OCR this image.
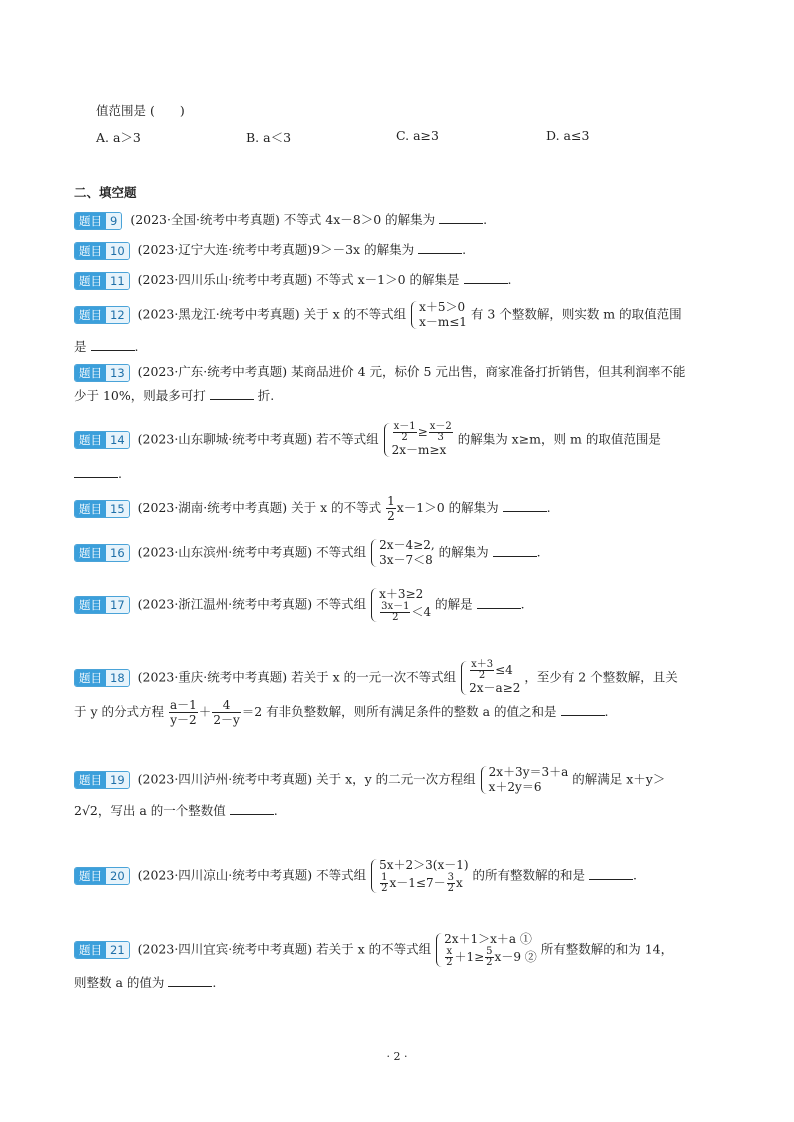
值范围是 (　　)
A. a＞3	B. a＜3	C. a≥3	D. a≤3
二、填空题
题目 9 (2023·全国·统考中考真题) 不等式 4x－8＞0 的解集为	.
题目 10 (2023·辽宁大连·统考中考真题)9＞－3x 的解集为	.
题目 11 (2023·四川乐山·统考中考真题) 不等式 x－1＞0 的解集是	.
题目 12 (2023·黑龙江·统考中考真题) 关于 x 的不等式组 x＋5＞0
x－m≤1
有 3 个整数解，则实数 m 的取值范围
是	.
题目 13 (2023·广东·统考中考真题) 某商品进价 4 元，标价 5 元出售，商家准备打折销售，但其利润率不能
少于 10%，则最多可打	折.
题目 14 (2023·山东聊城·统考中考真题) 若不等式组 $\frac{x-1}{2} \ge \frac{x-2}{3}$
2x－m≥x
的解集为 x≥m，则 m 的取值范围是
.
题目 15 (2023·湖南·统考中考真题) 关于 x 的不等式 $\frac{1}{2} x-1>0$ 的解集为	.
题目 16 (2023·山东滨州·统考中考真题) 不等式组 2x－4≥2,
3x－7＜8
的解集为	.
题目 17 (2023·浙江温州·统考中考真题) 不等式组
x＋3≥2
$\frac{3x-1}{2} <4$
的解是	.
题目 18 (2023·重庆·统考中考真题) 若关于 x 的一元一次不等式组 $\frac{x+3}{2} \le 4$
2x－a≥2
，至少有 2 个整数解，且关
于 y 的分式方程 $\frac{a-1}{y-2} + \frac{4}{2-y} =2$ 有非负整数解，则所有满足条件的整数 a 的值之和是	.
题目 19 (2023·四川泸州·统考中考真题) 关于 x，y 的二元一次方程组 2x＋3y＝3＋a
x＋2y＝6
的解满足 x＋y＞
2√2，写出 a 的一个整数值	.
题目 20 (2023·四川凉山·统考中考真题) 不等式组
5x＋2＞3(x－1)
$\frac{1}{2} x-1\le 7- \frac{3}{2}$ x
的所有整数解的和是	.
题目 21 (2023·四川宜宾·统考中考真题) 若关于 x 的不等式组
2x＋1＞x＋a ①
$\frac{x}{2} +1\ge \frac{5}{2} x-9$ ②
所有整数解的和为 14，
则整数 a 的值为	.
· 2 ·
